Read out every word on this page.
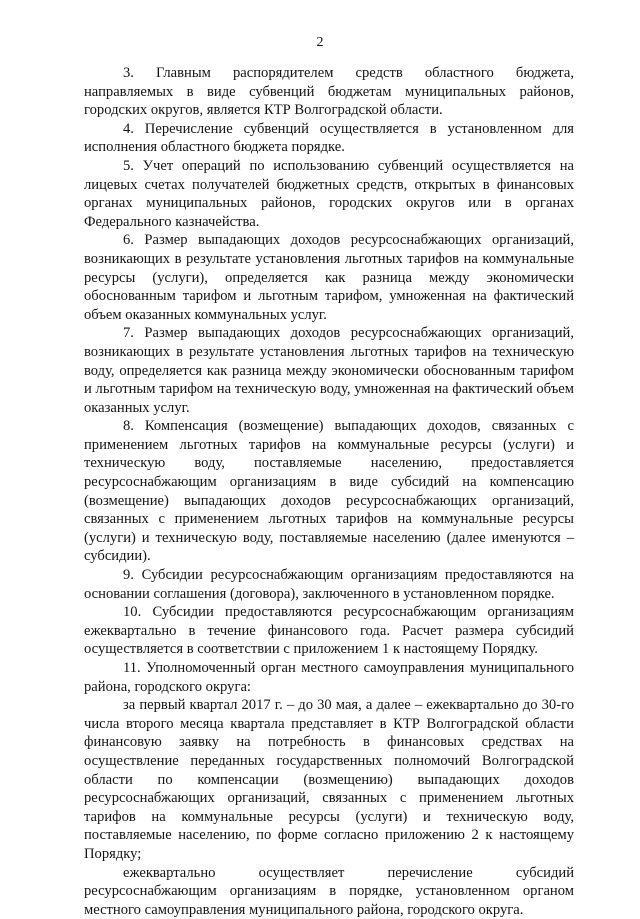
2

3. Главным распорядителем средств областного бюджета, направляемых в виде субвенций бюджетам муниципальных районов, городских округов, является КТР Волгоградской области.

4. Перечисление субвенций осуществляется в установленном для исполнения областного бюджета порядке.

5. Учет операций по использованию субвенций осуществляется на лицевых счетах получателей бюджетных средств, открытых в финансовых органах муниципальных районов, городских округов или в органах Федерального казначейства.

6. Размер выпадающих доходов ресурсоснабжающих организаций, возникающих в результате установления льготных тарифов на коммунальные ресурсы (услуги), определяется как разница между экономически обоснованным тарифом и льготным тарифом, умноженная на фактический объем оказанных коммунальных услуг.

7. Размер выпадающих доходов ресурсоснабжающих организаций, возникающих в результате установления льготных тарифов на техническую воду, определяется как разница между экономически обоснованным тарифом и льготным тарифом на техническую воду, умноженная на фактический объем оказанных услуг.

8. Компенсация (возмещение) выпадающих доходов, связанных с применением льготных тарифов на коммунальные ресурсы (услуги) и техническую воду, поставляемые населению, предоставляется ресурсоснабжающим организациям в виде субсидий на компенсацию (возмещение) выпадающих доходов ресурсоснабжающих организаций, связанных с применением льготных тарифов на коммунальные ресурсы (услуги) и техническую воду, поставляемые населению (далее именуются – субсидии).

9. Субсидии ресурсоснабжающим организациям предоставляются на основании соглашения (договора), заключенного в установленном порядке.

10. Субсидии предоставляются ресурсоснабжающим организациям ежеквартально в течение финансового года. Расчет размера субсидий осуществляется в соответствии с приложением 1 к настоящему Порядку.

11. Уполномоченный орган местного самоуправления муниципального района, городского округа:

за первый квартал 2017 г. – до 30 мая, а далее – ежеквартально до 30-го числа второго месяца квартала представляет в КТР Волгоградской области финансовую заявку на потребность в финансовых средствах на осуществление переданных государственных полномочий Волгоградской области по компенсации (возмещению) выпадающих доходов ресурсоснабжающих организаций, связанных с применением льготных тарифов на коммунальные ресурсы (услуги) и техническую воду, поставляемые населению, по форме согласно приложению 2 к настоящему Порядку;

ежеквартально осуществляет перечисление субсидий ресурсоснабжающим организациям в порядке, установленном органом местного самоуправления муниципального района, городского округа.
